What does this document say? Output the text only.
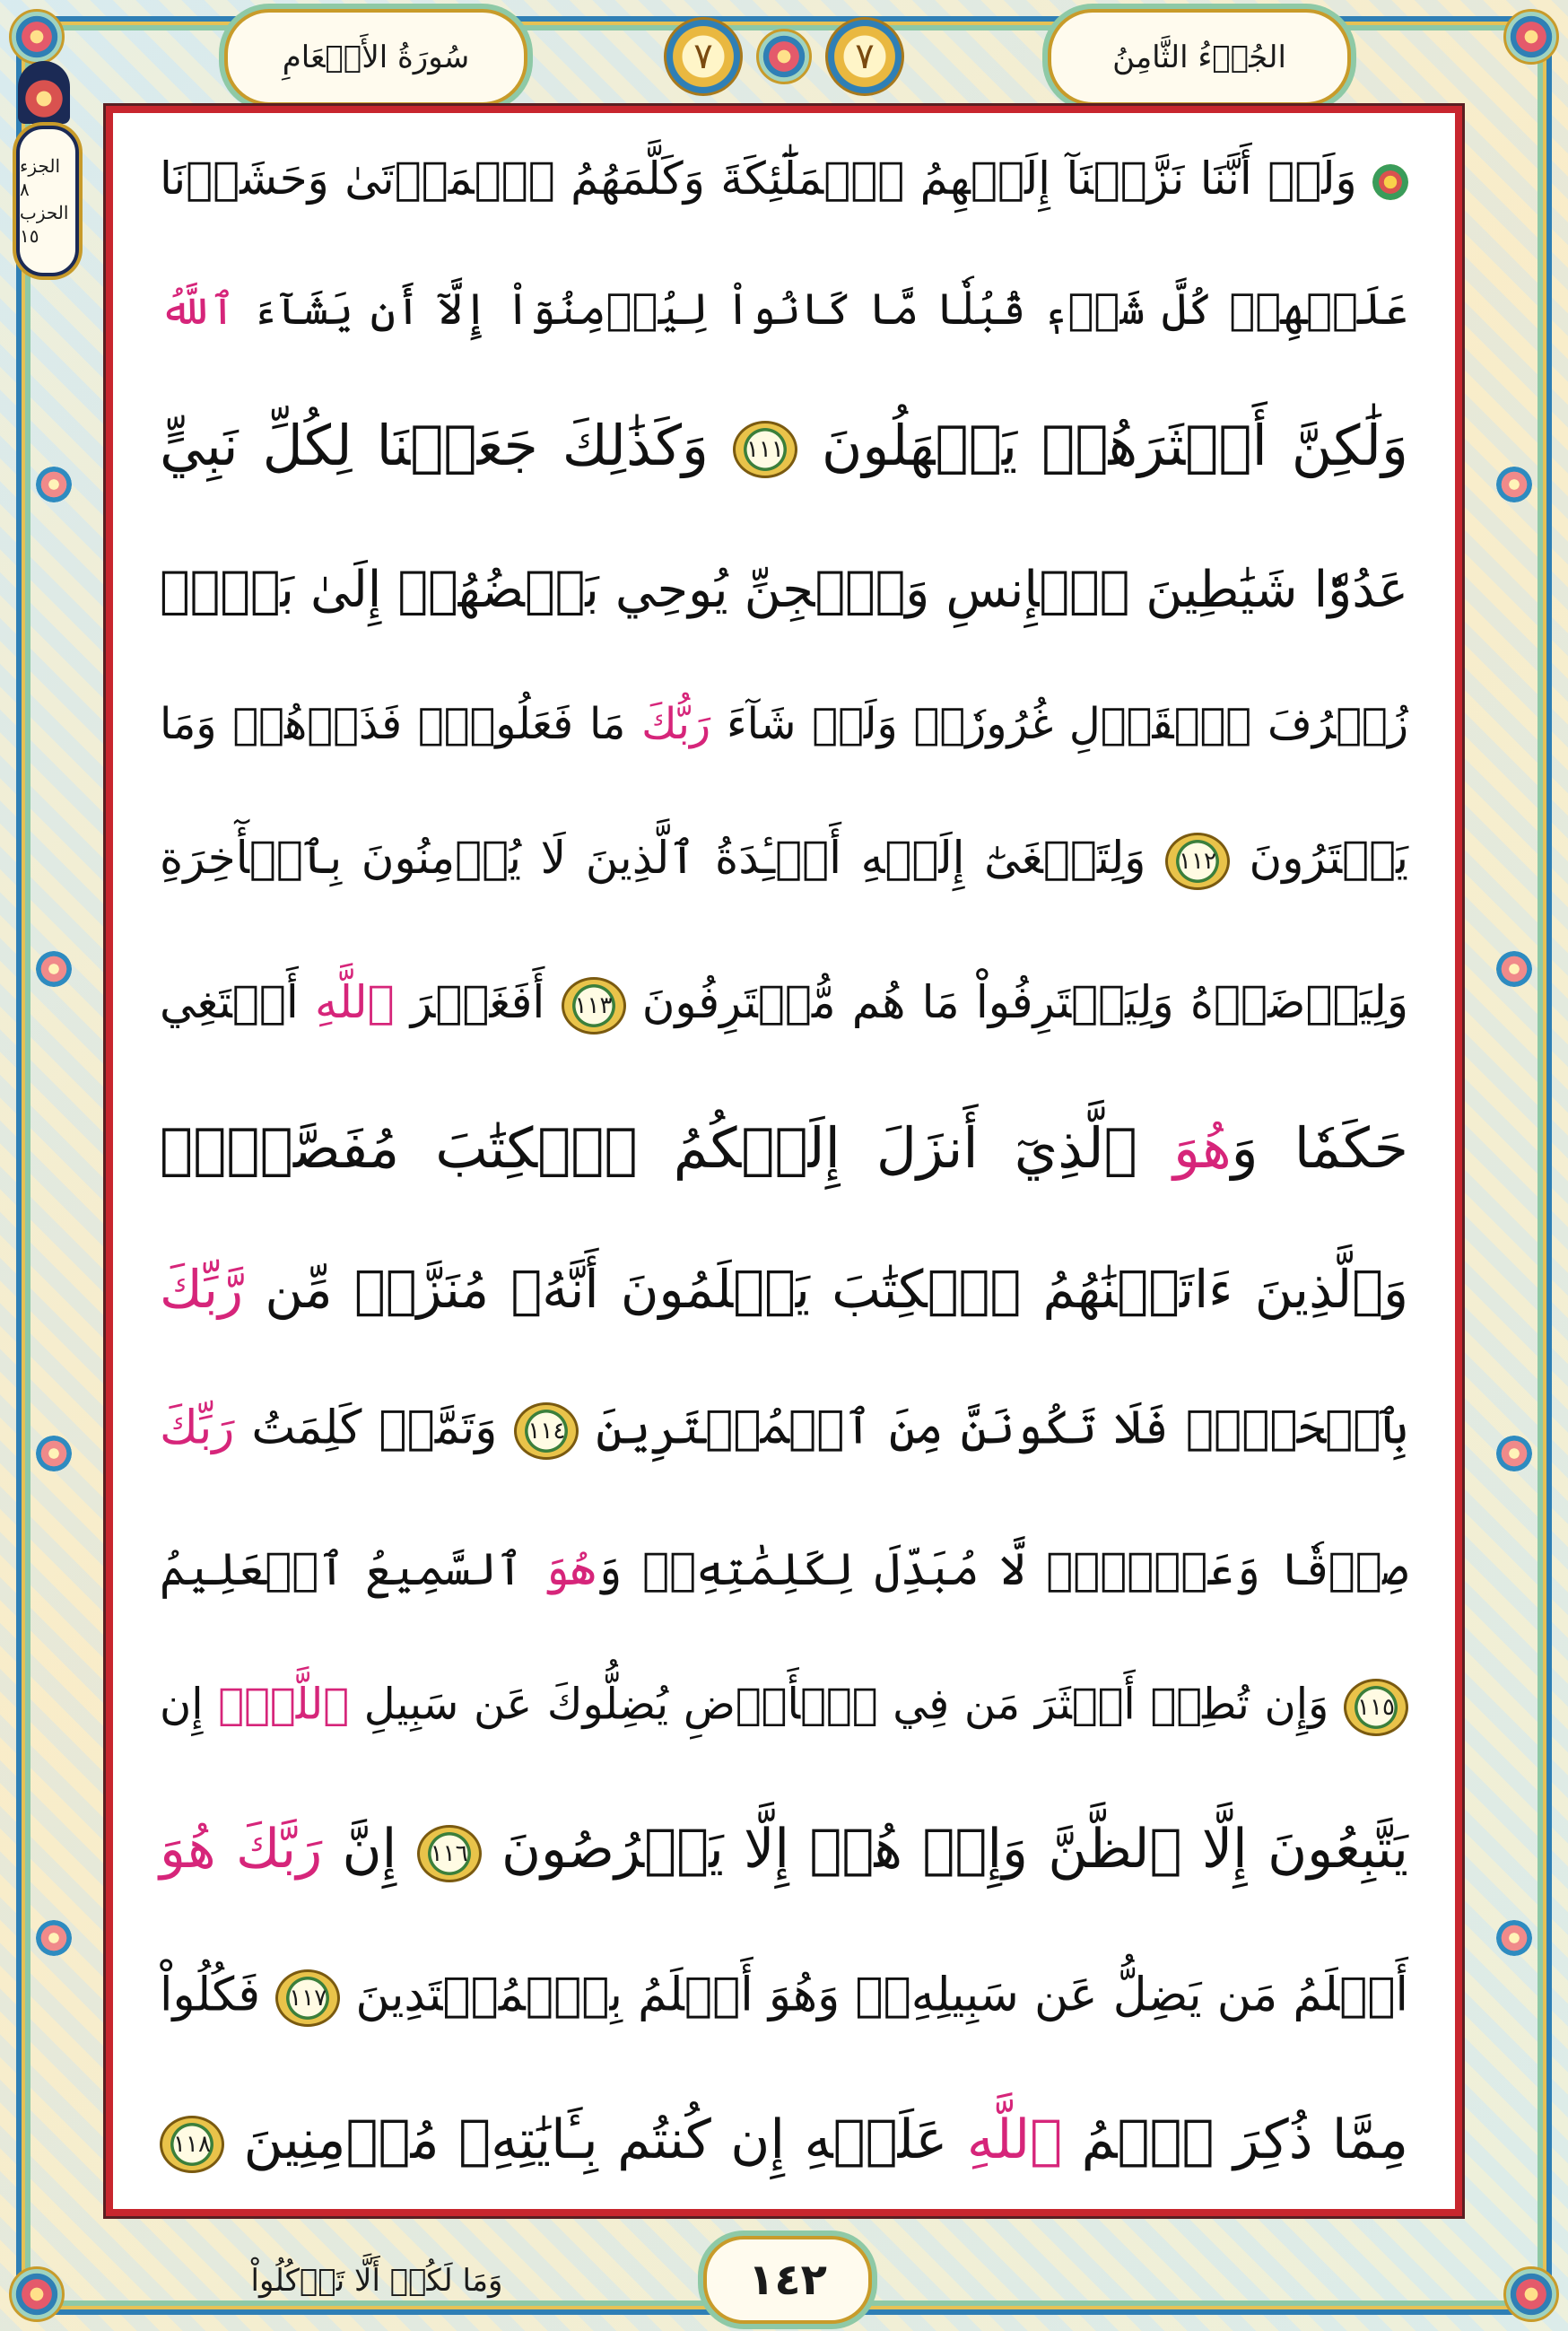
سُورَةُ الأَنۡعَامِ	٧	٧	الجُزۡءُ الثَّامِنُ
الجزء ٨
الحزب ١٥
وَلَوۡ أَنَّنَا نَزَّلۡنَآ إِلَيۡهِمُ ٱلۡمَلَٰٓئِكَةَ وَكَلَّمَهُمُ ٱلۡمَوۡتَىٰ وَحَشَرۡنَا
عَلَيۡهِمۡ كُلَّ شَيۡءٖ قُبُلٗا مَّا كَانُواْ لِيُؤۡمِنُوٓاْ إِلَّآ أَن يَشَآءَ ٱللَّهُ
وَلَٰكِنَّ أَكۡثَرَهُمۡ يَجۡهَلُونَ ١١١ وَكَذَٰلِكَ جَعَلۡنَا لِكُلِّ نَبِيٍّ
عَدُوّٗا شَيَٰطِينَ ٱلۡإِنسِ وَٱلۡجِنِّ يُوحِي بَعۡضُهُمۡ إِلَىٰ بَعۡضٖ
زُخۡرُفَ ٱلۡقَوۡلِ غُرُورٗاۚ وَلَوۡ شَآءَ رَبُّكَ مَا فَعَلُوهُۖ فَذَرۡهُمۡ وَمَا
يَفۡتَرُونَ ١١٢ وَلِتَصۡغَىٰٓ إِلَيۡهِ أَفۡـِٔدَةُ ٱلَّذِينَ لَا يُؤۡمِنُونَ بِٱلۡأٓخِرَةِ
وَلِيَرۡضَوۡهُ وَلِيَقۡتَرِفُواْ مَا هُم مُّقۡتَرِفُونَ ١١٣ أَفَغَيۡرَ ٱللَّهِ أَبۡتَغِي
حَكَمٗا وَهُوَ ٱلَّذِيٓ أَنزَلَ إِلَيۡكُمُ ٱلۡكِتَٰبَ مُفَصَّلٗاۚ
وَٱلَّذِينَ ءَاتَيۡنَٰهُمُ ٱلۡكِتَٰبَ يَعۡلَمُونَ أَنَّهُۥ مُنَزَّلٞ مِّن رَّبِّكَ
بِٱلۡحَقِّۖ فَلَا تَكُونَنَّ مِنَ ٱلۡمُمۡتَرِينَ ١١٤ وَتَمَّتۡ كَلِمَتُ رَبِّكَ
صِدۡقٗا وَعَدۡلٗاۚ لَّا مُبَدِّلَ لِكَلِمَٰتِهِۦۚ وَهُوَ ٱلسَّمِيعُ ٱلۡعَلِيمُ
١١٥ وَإِن تُطِعۡ أَكۡثَرَ مَن فِي ٱلۡأَرۡضِ يُضِلُّوكَ عَن سَبِيلِ ٱللَّهِۚ إِن
يَتَّبِعُونَ إِلَّا ٱلظَّنَّ وَإِنۡ هُمۡ إِلَّا يَخۡرُصُونَ ١١٦ إِنَّ رَبَّكَ هُوَ
أَعۡلَمُ مَن يَضِلُّ عَن سَبِيلِهِۦۖ وَهُوَ أَعۡلَمُ بِٱلۡمُهۡتَدِينَ ١١٧ فَكُلُواْ
مِمَّا ذُكِرَ ٱسۡمُ ٱللَّهِ عَلَيۡهِ إِن كُنتُم بِـَٔايَٰتِهِۦ مُؤۡمِنِينَ ١١٨
وَمَا لَكُمۡ أَلَّا تَأۡكُلُواْ	١٤٢
